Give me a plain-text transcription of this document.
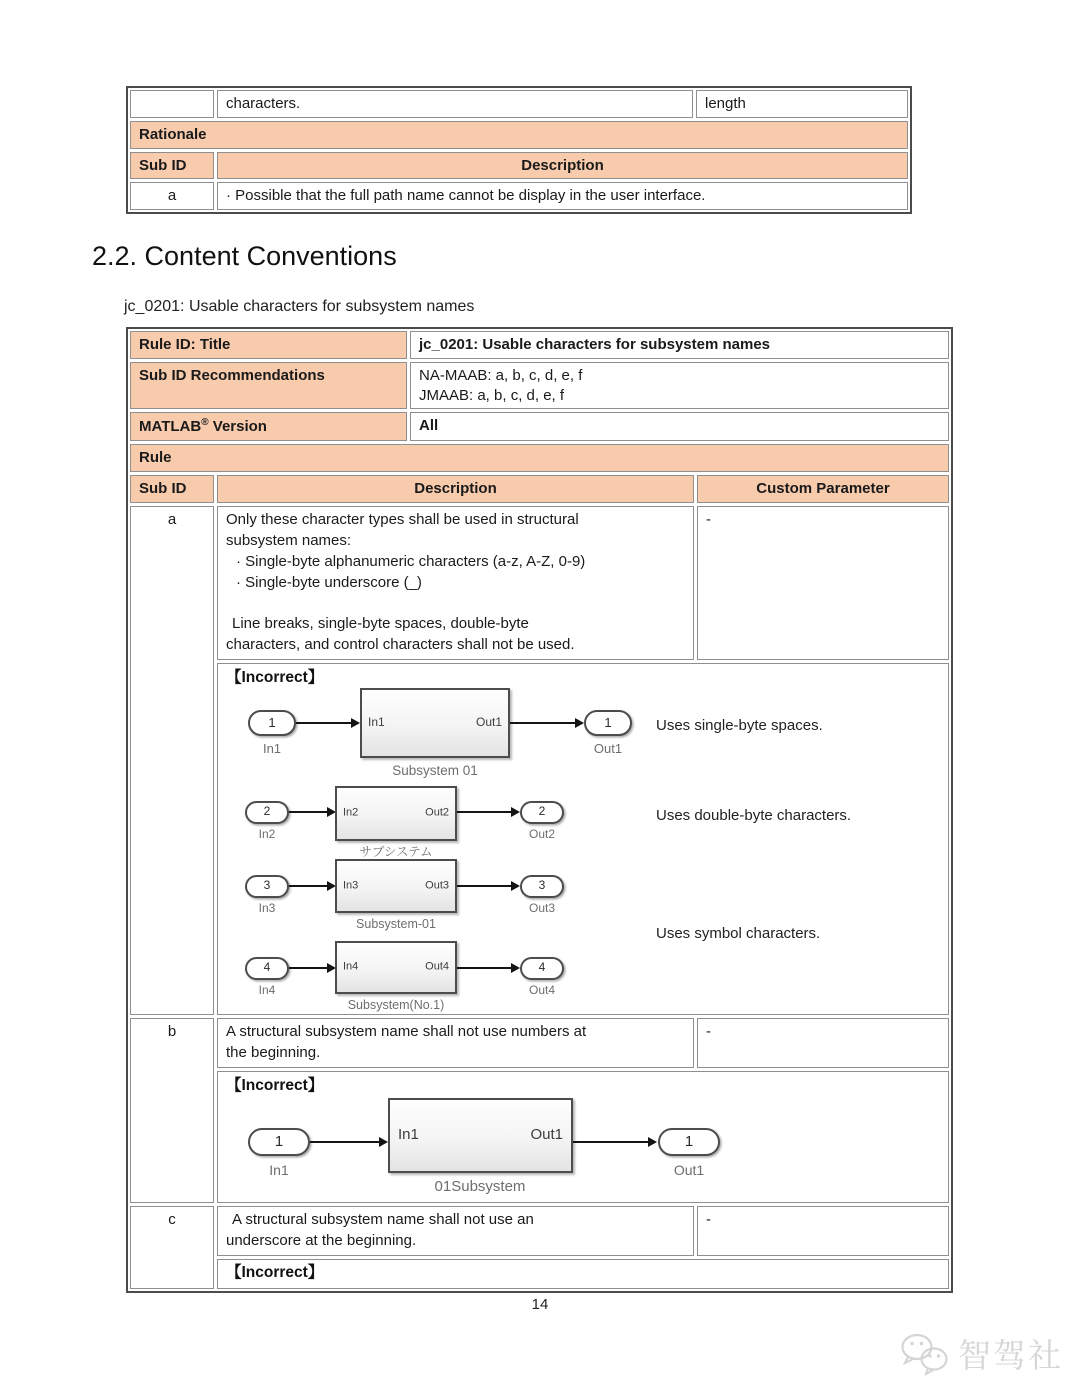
characters.	length
Rationale
Sub ID	Description
a	· Possible that the full path name cannot be display in the user interface.
2.2. Content Conventions
jc_0201: Usable characters for subsystem names
Rule ID: Title	jc_0201: Usable characters for subsystem names
Sub ID Recommendations	NA-MAAB: a, b, c, d, e, f
JMAAB: a, b, c, d, e, f
MATLAB® Version	All
Rule
Sub ID	Description	Custom Parameter
a	Only these character types shall be used in structural
subsystem names:
· Single-byte alphanumeric characters (a-z, A-Z, 0-9)
· Single-byte underscore (_)
Line breaks, single-byte spaces, double-byte
characters, and control characters shall not be used.
-
【Incorrect】
1
In1
In1	Out1
Subsystem 01
1
Out1
Uses single-byte spaces.
2
In2
In2	Out2
サブシステム
2
Out2
Uses double-byte characters.
3
In3
In3	Out3
Subsystem-01
3
Out3
Uses symbol characters.
4
In4
In4	Out4
Subsystem(No.1)
4
Out4
b	A structural subsystem name shall not use numbers at
the beginning.
-
【Incorrect】
1
In1
In1	Out1
01Subsystem
1
Out1
c	A structural subsystem name shall not use an
underscore at the beginning.
-
【Incorrect】
14
智驾社
